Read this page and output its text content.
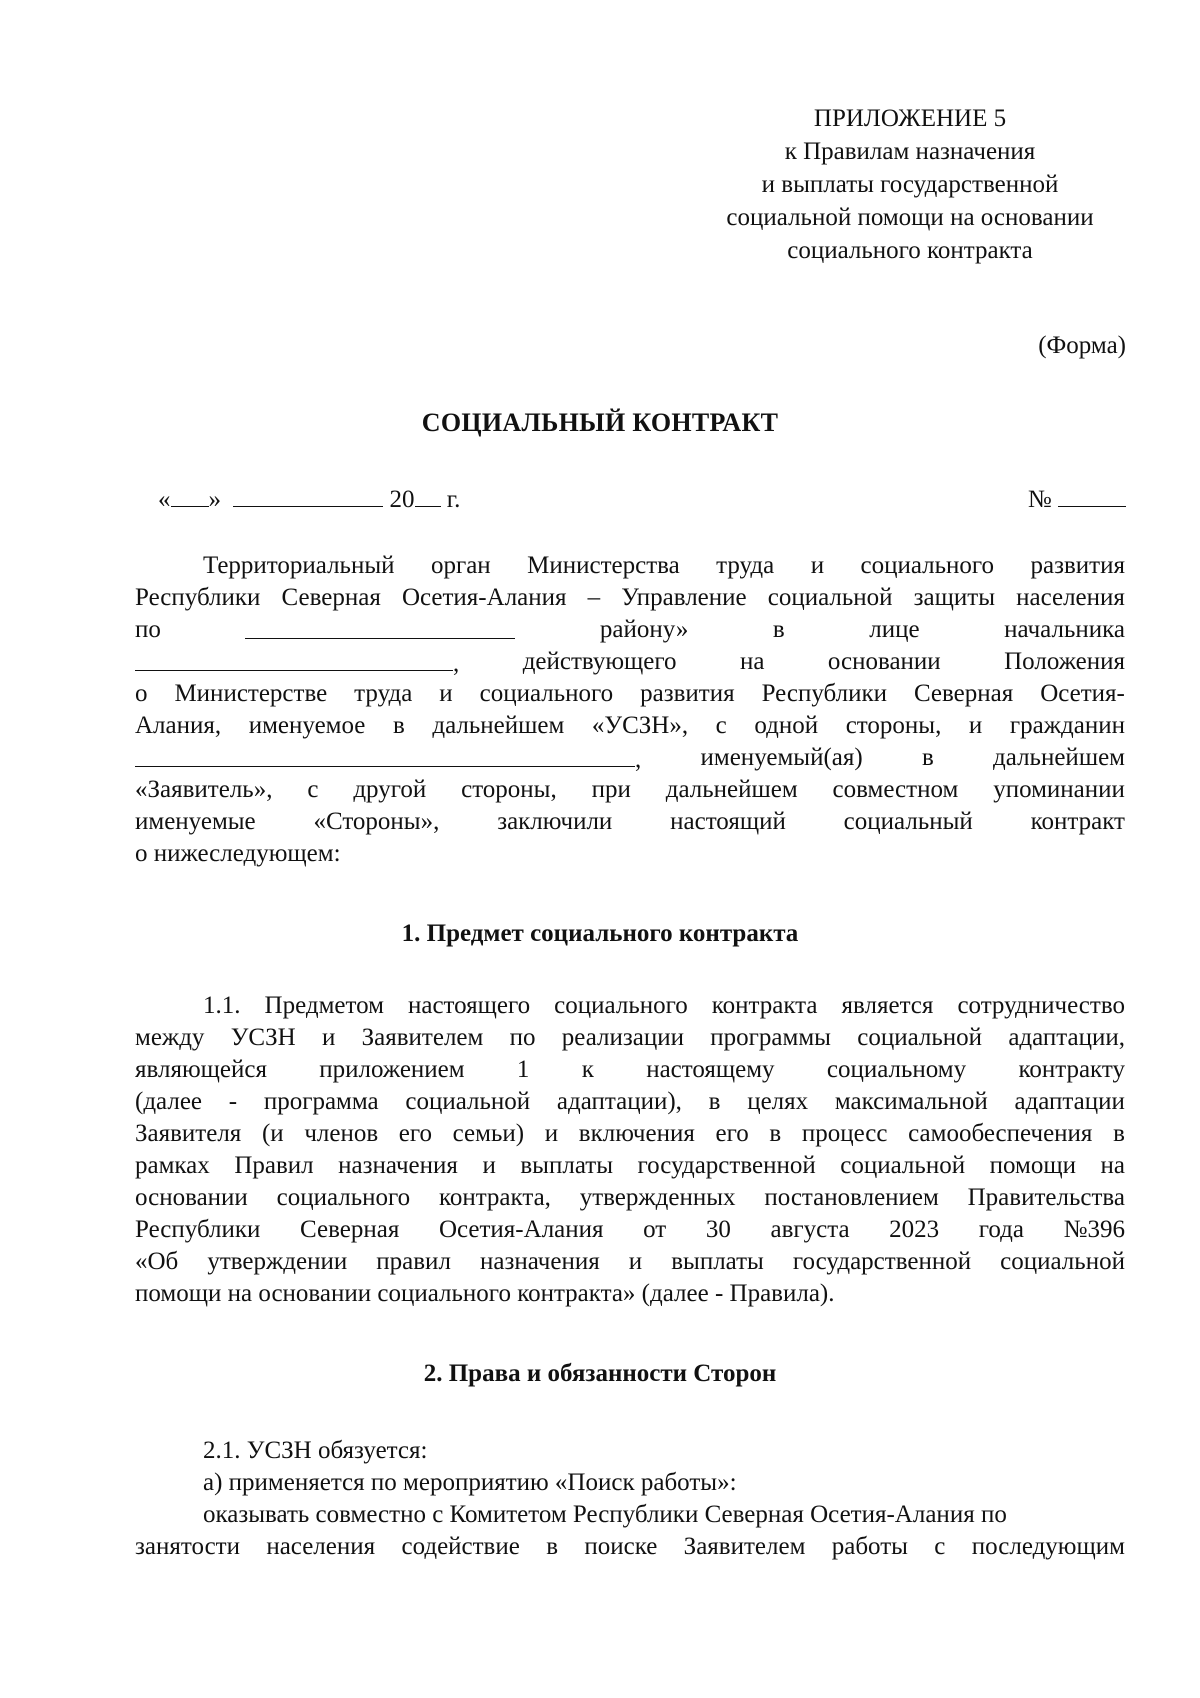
ПРИЛОЖЕНИЕ 5
к Правилам назначения
и выплаты государственной
социальной помощи на основании
социального контракта
(Форма)
СОЦИАЛЬНЫЙ КОНТРАКТ
« »	20 г.	№
Территориальный орган Министерства труда и социального развития
Республики Северная Осетия-Алания – Управление социальной защиты населения
по	району»	в	лице	начальника
,	действующего	на	основании	Положения
о Министерстве труда и социального развития Республики Северная Осетия-
Алания, именуемое в дальнейшем «УСЗН», с одной стороны, и гражданин
, именуемый(ая) в дальнейшем
«Заявитель», с другой стороны, при дальнейшем совместном упоминании
именуемые «Стороны», заключили настоящий социальный контракт
о нижеследующем:
1. Предмет социального контракта
1.1. Предметом настоящего социального контракта является сотрудничество
между УСЗН и Заявителем по реализации программы социальной адаптации,
являющейся приложением 1 к настоящему социальному контракту
(далее - программа социальной адаптации), в целях максимальной адаптации
Заявителя (и членов его семьи) и включения его в процесс самообеспечения в
рамках Правил назначения и выплаты государственной социальной помощи на
основании социального контракта, утвержденных постановлением Правительства
Республики Северная Осетия-Алания от 30 августа 2023 года №396
«Об утверждении правил назначения и выплаты государственной социальной
помощи на основании социального контракта» (далее - Правила).
2. Права и обязанности Сторон
2.1. УСЗН обязуется:
а) применяется по мероприятию «Поиск работы»:
оказывать совместно с Комитетом Республики Северная Осетия-Алания по
занятости населения содействие в поиске Заявителем работы с последующим
